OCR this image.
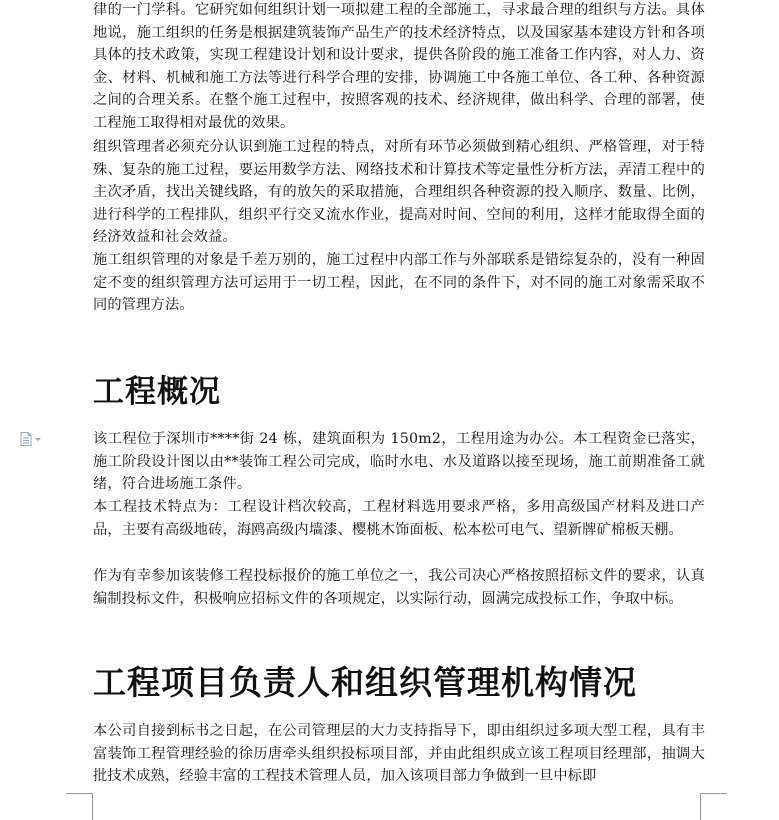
律的一门学科。它研究如何组织计划一项拟建工程的全部施工，寻求最合理的组织与方法。具体地说，施工组织的任务是根据建筑装饰产品生产的技术经济特点，以及国家基本建设方针和各项具体的技术政策，实现工程建设计划和设计要求，提供各阶段的施工准备工作内容，对人力、资金、材料、机械和施工方法等进行科学合理的安排，协调施工中各施工单位、各工种、各种资源之间的合理关系。在整个施工过程中，按照客观的技术、经济规律，做出科学、合理的部署，使工程施工取得相对最优的效果。

组织管理者必须充分认识到施工过程的特点，对所有环节必须做到精心组织、严格管理，对于特殊、复杂的施工过程，要运用数学方法、网络技术和计算技术等定量性分析方法，弄清工程中的主次矛盾，找出关键线路，有的放矢的采取措施，合理组织各种资源的投入顺序、数量、比例，进行科学的工程排队，组织平行交叉流水作业，提高对时间、空间的利用，这样才能取得全面的经济效益和社会效益。

施工组织管理的对象是千差万别的，施工过程中内部工作与外部联系是错综复杂的，没有一种固定不变的组织管理方法可运用于一切工程，因此，在不同的条件下，对不同的施工对象需采取不同的管理方法。

工程概况

该工程位于深圳市****街 24 栋，建筑面积为 150m2，工程用途为办公。本工程资金已落实，施工阶段设计图以由**装饰工程公司完成，临时水电、水及道路以接至现场，施工前期准备工就绪，符合进场施工条件。

本工程技术特点为：工程设计档次较高，工程材料选用要求严格，多用高级国产材料及进口产品，主要有高级地砖，海鸥高级内墙漆、樱桃木饰面板、松本松可电气、望新牌矿棉板天棚。

作为有幸参加该装修工程投标报价的施工单位之一，我公司决心严格按照招标文件的要求，认真编制投标文件，积极响应招标文件的各项规定，以实际行动，圆满完成投标工作，争取中标。

工程项目负责人和组织管理机构情况

本公司自接到标书之日起，在公司管理层的大力支持指导下，即由组织过多项大型工程，具有丰富装饰工程管理经验的徐历唐牵头组织投标项目部，并由此组织成立该工程项目经理部，抽调大批技术成熟，经验丰富的工程技术管理人员，加入该项目部力争做到一旦中标即
